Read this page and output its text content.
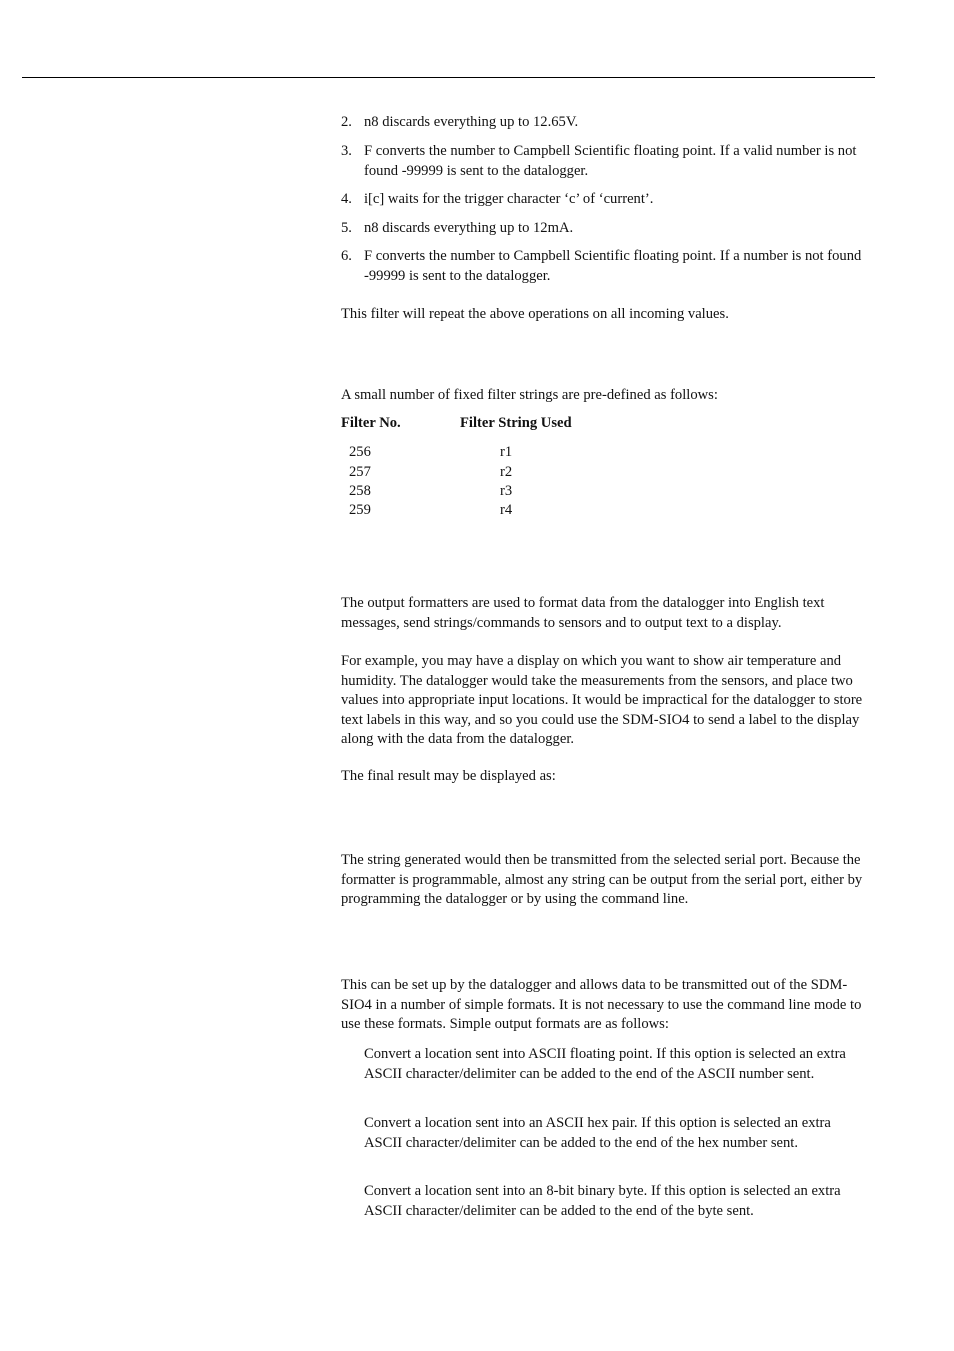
2. n8 discards everything up to 12.65V.
3. F converts the number to Campbell Scientific floating point. If a valid number is not found -99999 is sent to the datalogger.
4. i[c] waits for the trigger character ‘c’ of ‘current’.
5. n8 discards everything up to 12mA.
6. F converts the number to Campbell Scientific floating point. If a number is not found -99999 is sent to the datalogger.

This filter will repeat the above operations on all incoming values.

A small number of fixed filter strings are pre-defined as follows:

Filter No.	Filter String Used
256	r1
257	r2
258	r3
259	r4

The output formatters are used to format data from the datalogger into English text messages, send strings/commands to sensors and to output text to a display.

For example, you may have a display on which you want to show air temperature and humidity. The datalogger would take the measurements from the sensors, and place two values into appropriate input locations. It would be impractical for the datalogger to store text labels in this way, and so you could use the SDM-SIO4 to send a label to the display along with the data from the datalogger.

The final result may be displayed as:

The string generated would then be transmitted from the selected serial port. Because the formatter is programmable, almost any string can be output from the serial port, either by programming the datalogger or by using the command line.

This can be set up by the datalogger and allows data to be transmitted out of the SDM-SIO4 in a number of simple formats. It is not necessary to use the command line mode to use these formats. Simple output formats are as follows:

Convert a location sent into ASCII floating point. If this option is selected an extra ASCII character/delimiter can be added to the end of the ASCII number sent.
Convert a location sent into an ASCII hex pair. If this option is selected an extra ASCII character/delimiter can be added to the end of the hex number sent.
Convert a location sent into an 8-bit binary byte. If this option is selected an extra ASCII character/delimiter can be added to the end of the byte sent.
